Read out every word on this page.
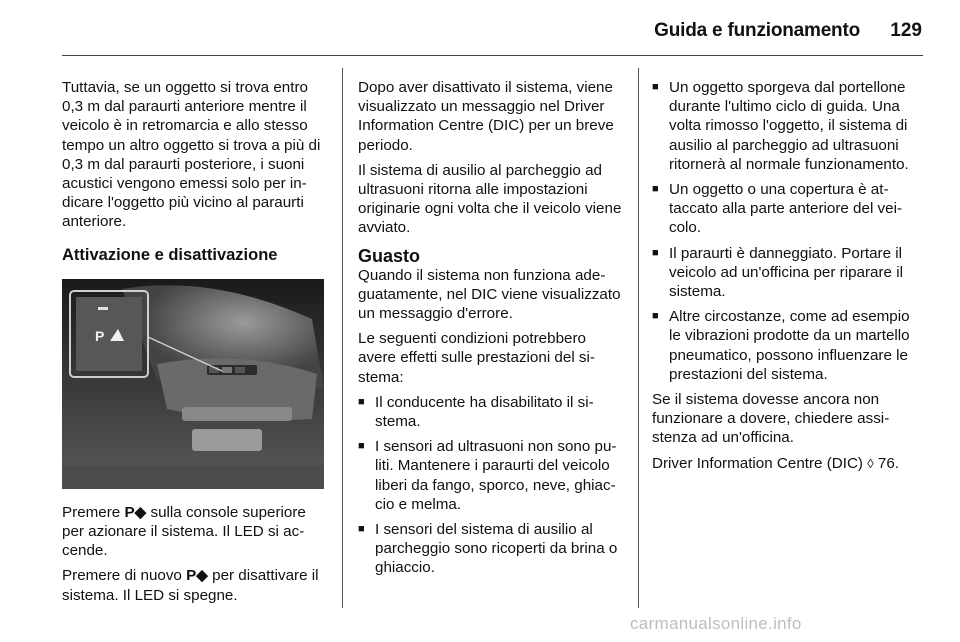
Guida e funzionamento	129

Tuttavia, se un oggetto si trova entro 0,3 m dal paraurti anteriore mentre il veicolo è in retromarcia e allo stesso tempo un altro oggetto si trova a più di 0,3 m dal paraurti posteriore, i suoni acustici vengono emessi solo per indicare l'oggetto più vicino al paraurti anteriore.

Attivazione e disattivazione
P

Premere P◆ sulla console superiore per azionare il sistema. Il LED si accende.

Premere di nuovo P◆ per disattivare il sistema. Il LED si spegne.

Dopo aver disattivato il sistema, viene visualizzato un messaggio nel Driver Information Centre (DIC) per un breve periodo.

Il sistema di ausilio al parcheggio ad ultrasuoni ritorna alle impostazioni originarie ogni volta che il veicolo viene avviato.

Guasto

Quando il sistema non funziona adeguatamente, nel DIC viene visualizzato un messaggio d'errore.

Le seguenti condizioni potrebbero avere effetti sulle prestazioni del sistema:

■ Il conducente ha disabilitato il sistema.
■ I sensori ad ultrasuoni non sono puliti. Mantenere i paraurti del veicolo liberi da fango, sporco, neve, ghiaccio e melma.
■ I sensori del sistema di ausilio al parcheggio sono ricoperti da brina o ghiaccio.
■ Un oggetto sporgeva dal portellone durante l'ultimo ciclo di guida. Una volta rimosso l'oggetto, il sistema di ausilio al parcheggio ad ultrasuoni ritornerà al normale funzionamento.
■ Un oggetto o una copertura è attaccato alla parte anteriore del veicolo.
■ Il paraurti è danneggiato. Portare il veicolo ad un'officina per riparare il sistema.
■ Altre circostanze, come ad esempio le vibrazioni prodotte da un martello pneumatico, possono influenzare le prestazioni del sistema.

Se il sistema dovesse ancora non funzionare a dovere, chiedere assistenza ad un'officina.

Driver Information Centre (DIC) ◊ 76.

carmanualsonline.info
